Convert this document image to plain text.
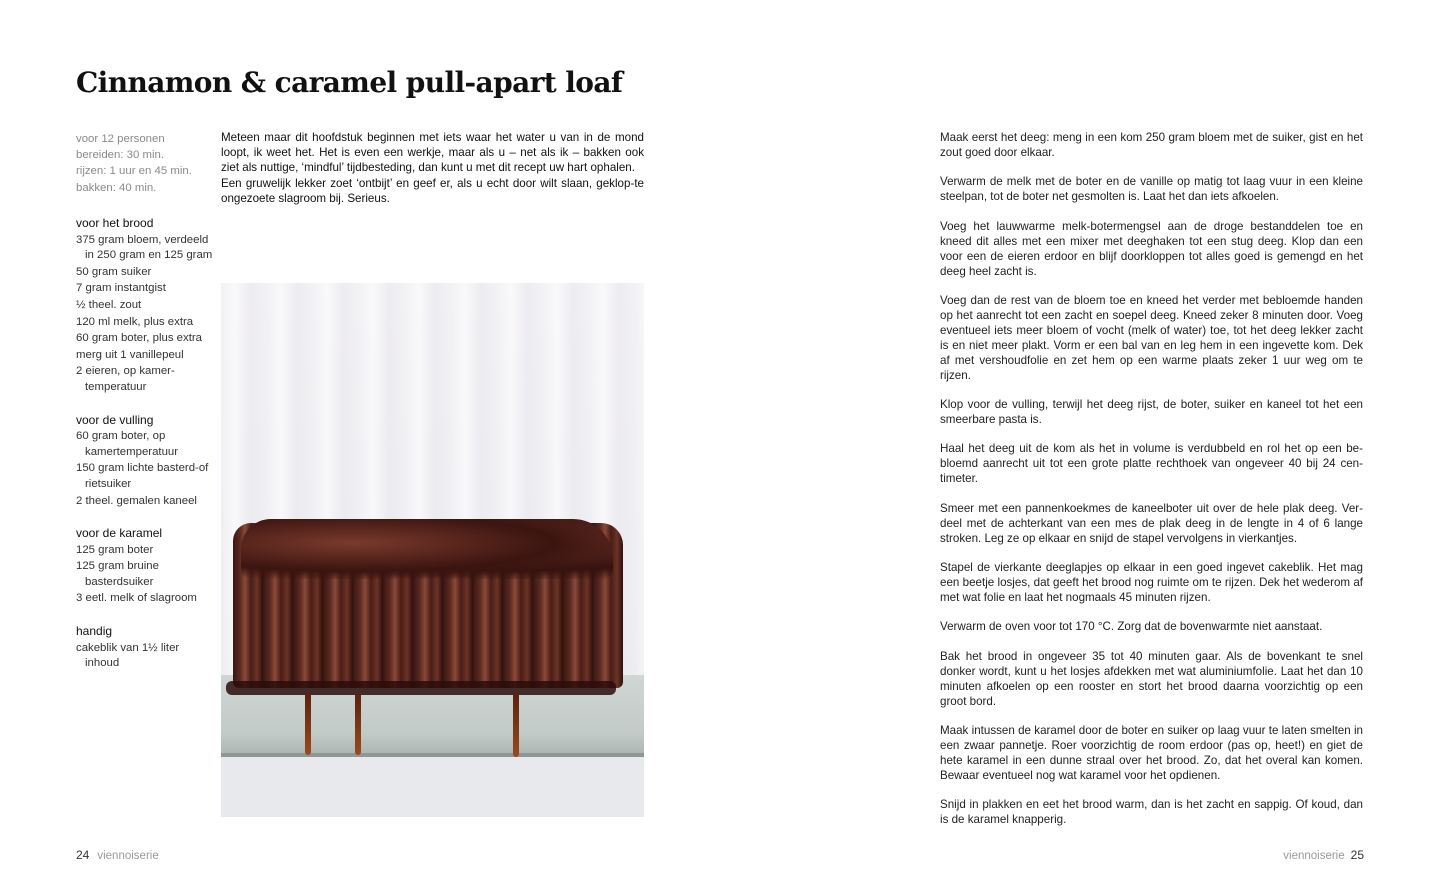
Cinnamon & caramel pull-apart loaf
voor 12 personen
bereiden: 30 min.
rijzen: 1 uur en 45 min.
bakken: 40 min.
voor het brood
375 gram bloem, verdeeld in 250 gram en 125 gram
50 gram suiker
7 gram instantgist
½ theel. zout
120 ml melk, plus extra
60 gram boter, plus extra
merg uit 1 vanillepeul
2 eieren, op kamer-temperatuur
voor de vulling
60 gram boter, op kamertemperatuur
150 gram lichte basterd-of rietsuiker
2 theel. gemalen kaneel
voor de karamel
125 gram boter
125 gram bruine basterdsuiker
3 eetl. melk of slagroom
handig
cakeblik van 1½ liter inhoud

Meteen maar dit hoofdstuk beginnen met iets waar het water u van in de mond loopt, ik weet het. Het is even een werkje, maar als u – net als ik – bakken ook ziet als nuttige, ‘mindful’ tijdbesteding, dan kunt u met dit recept uw hart ophalen.

Een gruwelijk lekker zoet ‘ontbijt’ en geef er, als u echt door wilt slaan, geklop-te ongezoete slagroom bij. Serieus.

Maak eerst het deeg: meng in een kom 250 gram bloem met de suiker, gist en het zout goed door elkaar.

Verwarm de melk met de boter en de vanille op matig tot laag vuur in een kleine steelpan, tot de boter net gesmolten is. Laat het dan iets afkoelen.

Voeg het lauwwarme melk-botermengsel aan de droge bestanddelen toe en kneed dit alles met een mixer met deeghaken tot een stug deeg. Klop dan een voor een de eieren erdoor en blijf doorkloppen tot alles goed is gemengd en het deeg heel zacht is.

Voeg dan de rest van de bloem toe en kneed het verder met bebloemde handen op het aanrecht tot een zacht en soepel deeg. Kneed zeker 8 minuten door. Voeg eventueel iets meer bloem of vocht (melk of water) toe, tot het deeg lekker zacht is en niet meer plakt. Vorm er een bal van en leg hem in een ingevette kom. Dek af met vershoudfolie en zet hem op een warme plaats zeker 1 uur weg om te rijzen.

Klop voor de vulling, terwijl het deeg rijst, de boter, suiker en kaneel tot het een smeerbare pasta is.

Haal het deeg uit de kom als het in volume is verdubbeld en rol het op een be-bloemd aanrecht uit tot een grote platte rechthoek van ongeveer 40 bij 24 cen-timeter.

Smeer met een pannenkoekmes de kaneelboter uit over de hele plak deeg. Ver-deel met de achterkant van een mes de plak deeg in de lengte in 4 of 6 lange stroken. Leg ze op elkaar en snijd de stapel vervolgens in vierkantjes.

Stapel de vierkante deeglapjes op elkaar in een goed ingevet cakeblik. Het mag een beetje losjes, dat geeft het brood nog ruimte om te rijzen. Dek het wederom af met wat folie en laat het nogmaals 45 minuten rijzen.

Verwarm de oven voor tot 170 °C. Zorg dat de bovenwarmte niet aanstaat.

Bak het brood in ongeveer 35 tot 40 minuten gaar. Als de bovenkant te snel donker wordt, kunt u het losjes afdekken met wat aluminiumfolie. Laat het dan 10 minuten afkoelen op een rooster en stort het brood daarna voorzichtig op een groot bord.

Maak intussen de karamel door de boter en suiker op laag vuur te laten smelten in een zwaar pannetje. Roer voorzichtig de room erdoor (pas op, heet!) en giet de hete karamel in een dunne straal over het brood. Zo, dat het overal kan komen. Bewaar eventueel nog wat karamel voor het opdienen.

Snijd in plakken en eet het brood warm, dan is het zacht en sappig. Of koud, dan is de karamel knapperig.

24 viennoiserie	viennoiserie 25
